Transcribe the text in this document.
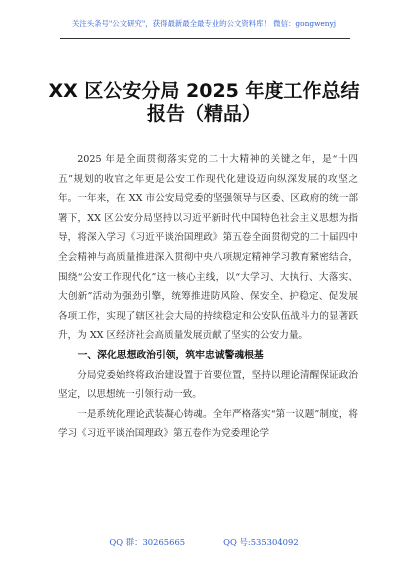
关注头条号"公文研究"，获得最新最全最专业的公文资料库！ 微信：gongwenyj
XX 区公安分局 2025 年度工作总结
报告（精品）

2025 年是全面贯彻落实党的二十大精神的关键之年，是“十四五”规划的收官之年更是公安工作现代化建设迈向纵深发展的攻坚之年。一年来，在 XX 市公安局党委的坚强领导与区委、区政府的统一部署下，XX 区公安分局坚持以习近平新时代中国特色社会主义思想为指导，将深入学习《习近平谈治国理政》第五卷全面贯彻党的二十届四中全会精神与高质量推进深入贯彻中央八项规定精神学习教育紧密结合，围绕“公安工作现代化”这一核心主线，以“大学习、大执行、大落实、大创新”活动为强劲引擎，统筹推进防风险、保安全、护稳定、促发展各项工作，实现了辖区社会大局的持续稳定和公安队伍战斗力的显著跃升，为 XX 区经济社会高质量发展贡献了坚实的公安力量。

一、深化思想政治引领，筑牢忠诚警魂根基

分局党委始终将政治建设置于首要位置，坚持以理论清醒保证政治坚定，以思想统一引领行动一致。

一是系统化理论武装凝心铸魂。全年严格落实“第一议题”制度，将学习《习近平谈治国理政》第五卷作为党委理论学

QQ 群：30265665	QQ 号:535304092
